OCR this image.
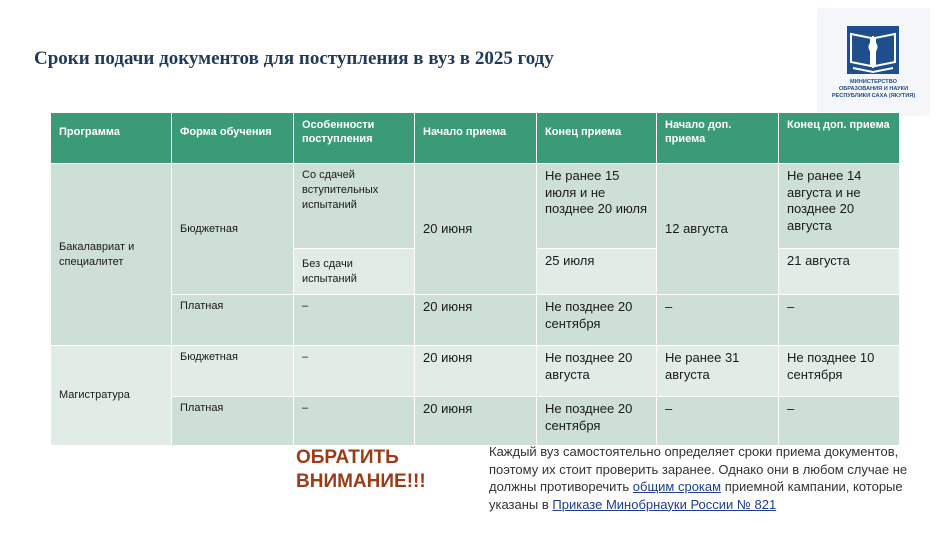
Сроки подачи документов для поступления в вуз в 2025 году
МИНИСТЕРСТВО
ОБРАЗОВАНИЯ И НАУКИ
РЕСПУБЛИКИ САХА (ЯКУТИЯ)
Программа	Форма обучения	Особенности поступления	Начало приема	Конец приема	Начало доп. приема	Конец доп. приема
Бакалавриат и специалитет	Бюджетная	Со сдачей вступительных испытаний	20 июня	Не ранее 15 июля и не позднее 20 июля	12 августа	Не ранее 14 августа и не позднее 20 августа
		Без сдачи испытаний		25 июля		21 августа
	Платная	–	20 июня	Не позднее 20 сентября	–	–
Магистратура	Бюджетная	–	20 июня	Не позднее 20 августа	Не ранее 31 августа	Не позднее 10 сентября
	Платная	–	20 июня	Не позднее 20 сентября	–	–
ОБРАТИТЬ
ВНИМАНИЕ!!!
Каждый вуз самостоятельно определяет сроки приема документов, поэтому их стоит проверить заранее. Однако они в любом случае не должны противоречить общим срокам приемной кампании, которые указаны в Приказе Минобрнауки России № 821
